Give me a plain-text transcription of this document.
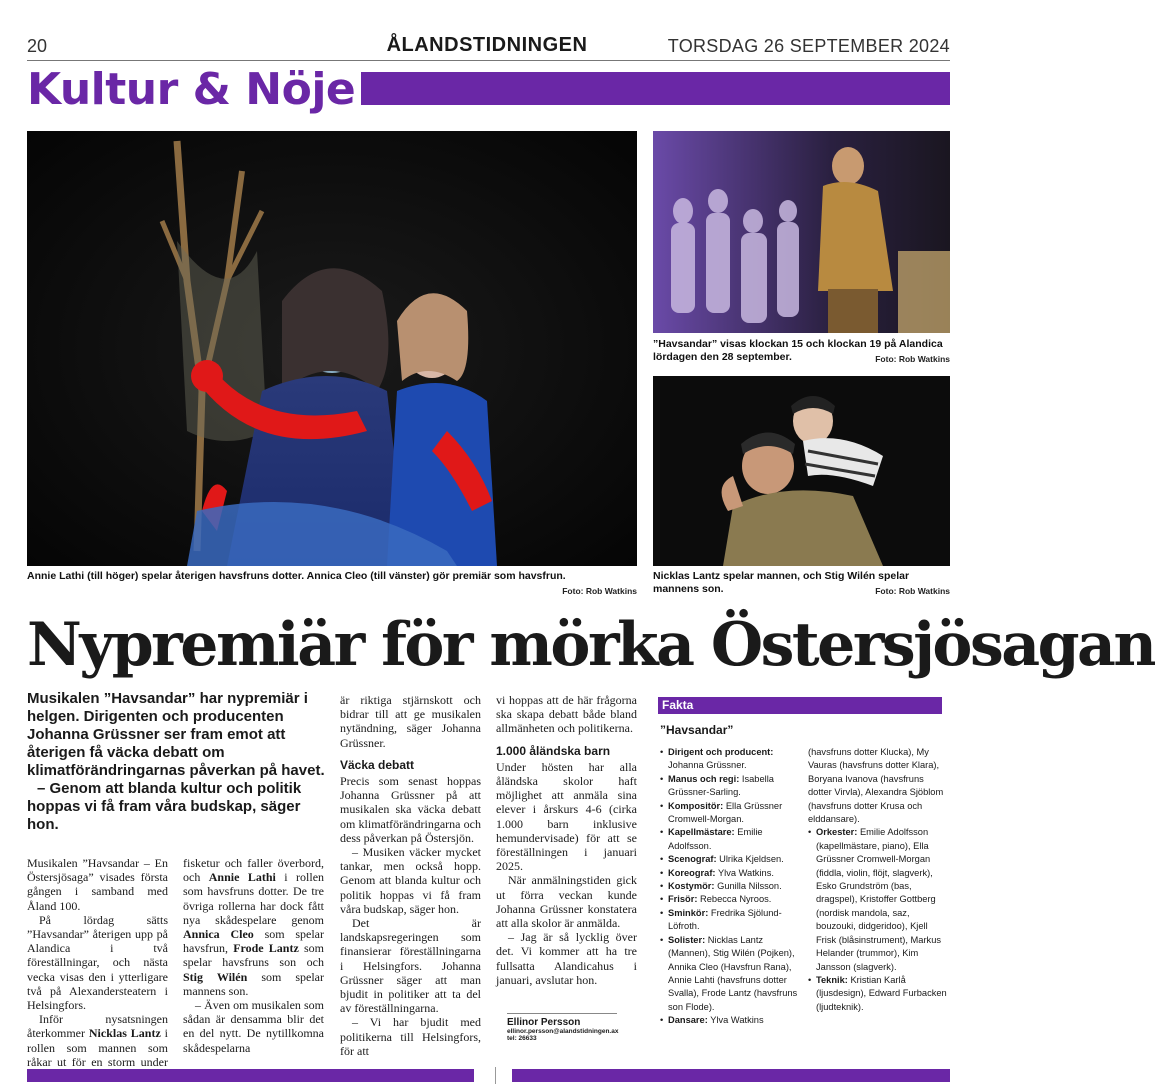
20	ÅLANDSTIDNINGEN	TORSDAG 26 SEPTEMBER 2024
Kultur & Nöje
Annie Lathi (till höger) spelar återigen havsfruns dotter. Annica Cleo (till vänster) gör premiär som havsfrun.
Foto: Rob Watkins
”Havsandar” visas klockan 15 och klockan 19 på Alandica lördagen den 28 september.	Foto: Rob Watkins
Nicklas Lantz spelar mannen, och Stig Wilén spelar mannens son.	Foto: Rob Watkins
Nypremiär för mörka Östersjösagan
Musikalen ”Havsandar” har nypremiär i helgen. Dirigenten och producenten Johanna Grüssner ser fram emot att återigen få väcka debatt om klimatförändringarnas påverkan på havet.
– Genom att blanda kultur och politik hoppas vi få fram våra budskap, säger hon.

Musikalen ”Havsandar – En Östersjösaga” visades första gången i samband med Åland 100.

På lördag sätts ”Havsandar” återigen upp på Alandica i två föreställningar, och nästa vecka visas den i ytterligare två på Alexandersteatern i Helsingfors.

Inför nysatsningen återkommer Nicklas Lantz i rollen som mannen som råkar ut för en storm under

fisketur och faller överbord, och Annie Lathi i rollen som havsfruns dotter. De tre övriga rollerna har dock fått nya skådespelare genom Annica Cleo som spelar havsfrun, Frode Lantz som spelar havsfruns son och Stig Wilén som spelar mannens son.

– Även om musikalen som sådan är densamma blir det en del nytt. De nytillkomna skådespelarna

är riktiga stjärnskott och bidrar till att ge musikalen nytändning, säger Johanna Grüssner.

Väcka debatt

Precis som senast hoppas Johanna Grüssner på att musikalen ska väcka debatt om klimatförändringarna och dess påverkan på Östersjön.

– Musiken väcker mycket tankar, men också hopp. Genom att blanda kultur och politik hoppas vi få fram våra budskap, säger hon.

Det är landskapsregeringen som finansierar föreställningarna i Helsingfors. Johanna Grüssner säger att man bjudit in politiker att ta del av föreställningarna.

– Vi har bjudit med politikerna till Helsingfors, för att

vi hoppas att de här frågorna ska skapa debatt både bland allmänheten och politikerna.

1.000 åländska barn

Under hösten har alla åländska skolor haft möjlighet att anmäla sina elever i årskurs 4-6 (cirka 1.000 barn inklusive hemundervisade) för att se föreställningen i januari 2025.

När anmälningstiden gick ut förra veckan kunde Johanna Grüssner konstatera att alla skolor är anmälda.

– Jag är så lycklig över det. Vi kommer att ha tre fullsatta Alandicahus i januari, avslutar hon.

Ellinor Persson
ellinor.persson@alandstidningen.ax
tel: 26633
Fakta
”Havsandar”
• Dirigent och producent: Johanna Grüssner.
• Manus och regi: Isabella Grüssner-Sarling.
• Kompositör: Ella Grüssner Cromwell-Morgan.
• Kapellmästare: Emilie Adolfsson.
• Scenograf: Ulrika Kjeldsen.
• Koreograf: Ylva Watkins.
• Kostymör: Gunilla Nilsson.
• Frisör: Rebecca Nyroos.
• Sminkör: Fredrika Sjölund-Löfroth.
• Solister: Nicklas Lantz (Mannen), Stig Wilén (Pojken), Annika Cleo (Havsfrun Rana), Annie Lahti (havsfruns dotter Svalla), Frode Lantz (havsfruns son Flode).
• Dansare: Ylva Watkins
(havsfruns dotter Klucka), My Vauras (havsfruns dotter Klara), Boryana Ivanova (havsfruns dotter Virvla), Alexandra Sjöblom (havsfruns dotter Krusa och elddansare).
• Orkester: Emilie Adolfsson (kapellmästare, piano), Ella Grüssner Cromwell-Morgan (fiddla, violin, flöjt, slagverk), Esko Grundström (bas, dragspel), Kristoffer Gottberg (nordisk mandola, saz, bouzouki, didgeridoo), Kjell Frisk (blåsinstrument), Markus Helander (trummor), Kim Jansson (slagverk).
• Teknik: Kristian Karlå (ljusdesign), Edward Furbacken (ljudteknik).
